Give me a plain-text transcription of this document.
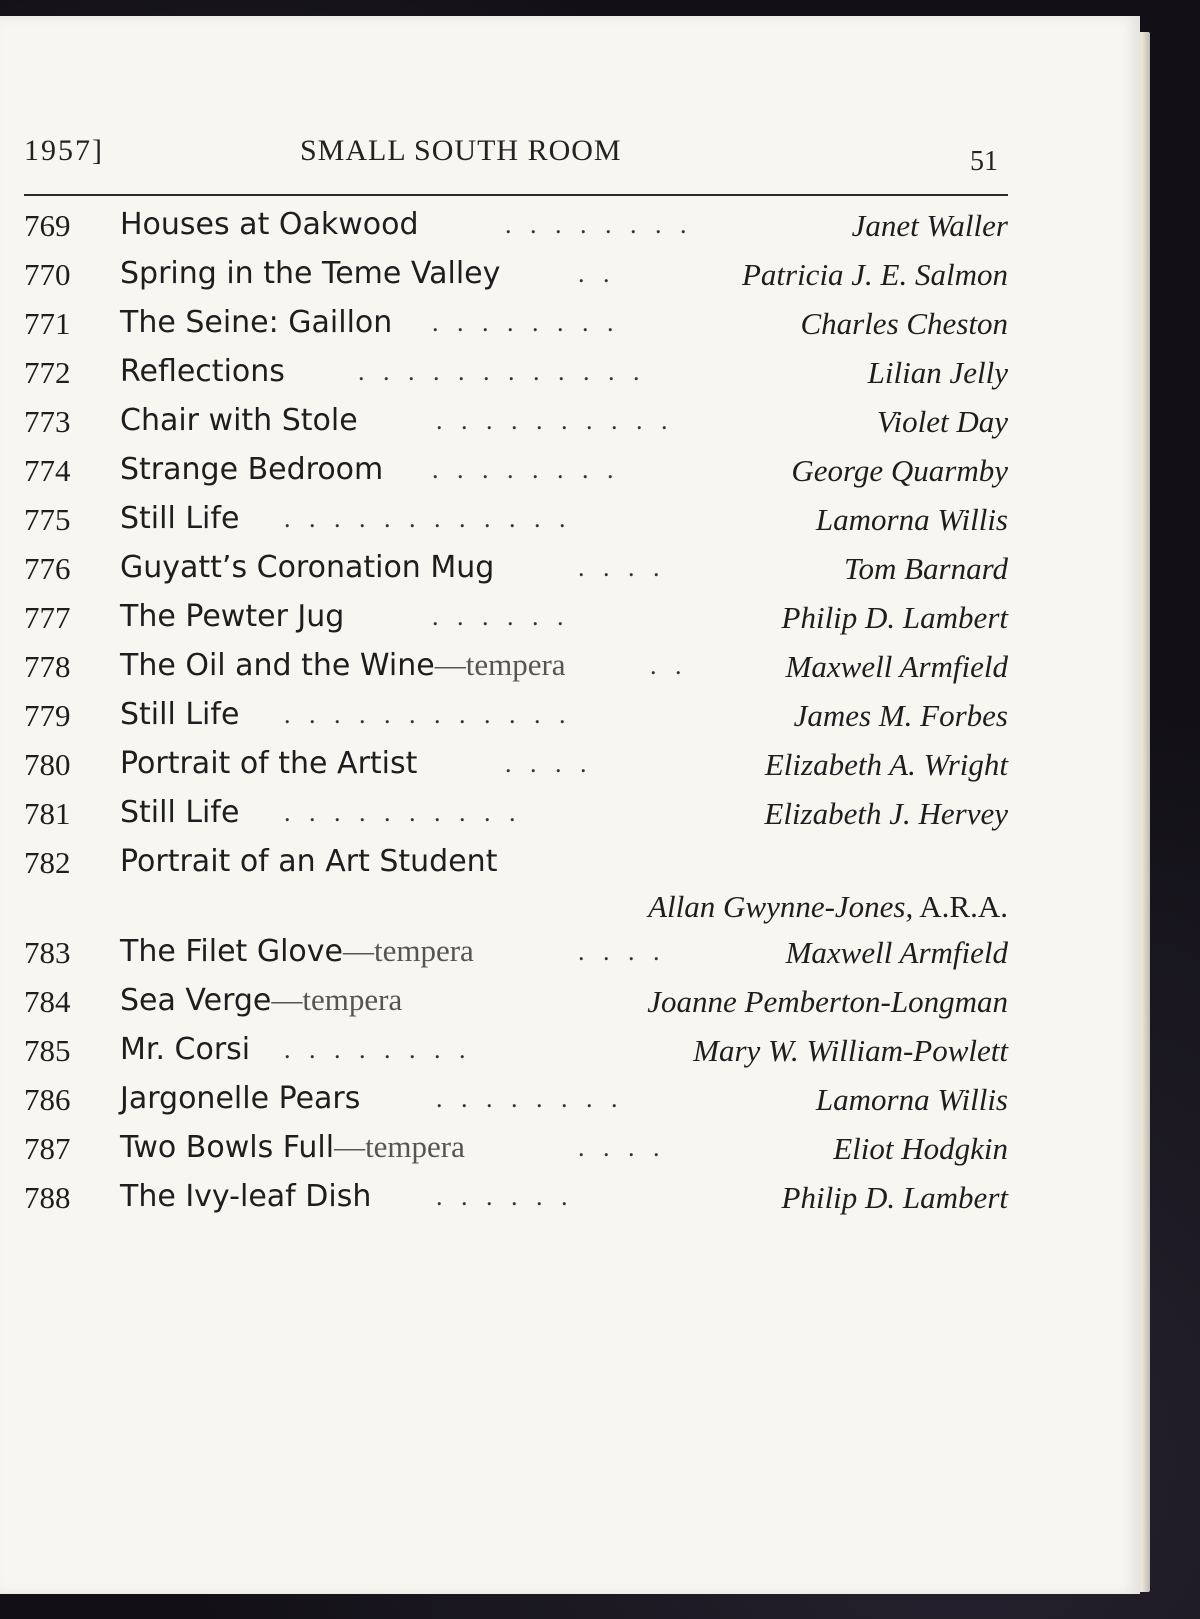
1957]	SMALL SOUTH ROOM	51
769 Houses at Oakwood	. . . . . . . .	Janet Waller
770 Spring in the Teme Valley	. .	Patricia J. E. Salmon
771 The Seine: Gaillon . . . . . . . .	Charles Cheston
772 Reflections	. . . . . . . . . . . .	Lilian Jelly
773 Chair with Stole	. . . . . . . . . .	Violet Day
774 Strange Bedroom . . . . . . . .	George Quarmby
775 Still Life . . . . . . . . . . . .	Lamorna Willis
776 Guyatt’s Coronation Mug	. . . .	Tom Barnard
777 The Pewter Jug	. . . . . .	Philip D. Lambert
778 The Oil and the Wine—tempera	. .	Maxwell Armfield
779 Still Life . . . . . . . . . . . .	James M. Forbes
780 Portrait of the Artist	. . . .	Elizabeth A. Wright
781 Still Life . . . . . . . . . .	Elizabeth J. Hervey
782 Portrait of an Art Student
Allan Gwynne-Jones, A.R.A.
783 The Filet Glove—tempera	. . . .	Maxwell Armfield
784 Sea Verge—tempera	Joanne Pemberton-Longman
785 Mr. Corsi . . . . . . . .	Mary W. William-Powlett
786 Jargonelle Pears	. . . . . . . .	Lamorna Willis
787 Two Bowls Full—tempera	. . . .	Eliot Hodgkin
788 The Ivy-leaf Dish . . . . . .	Philip D. Lambert
